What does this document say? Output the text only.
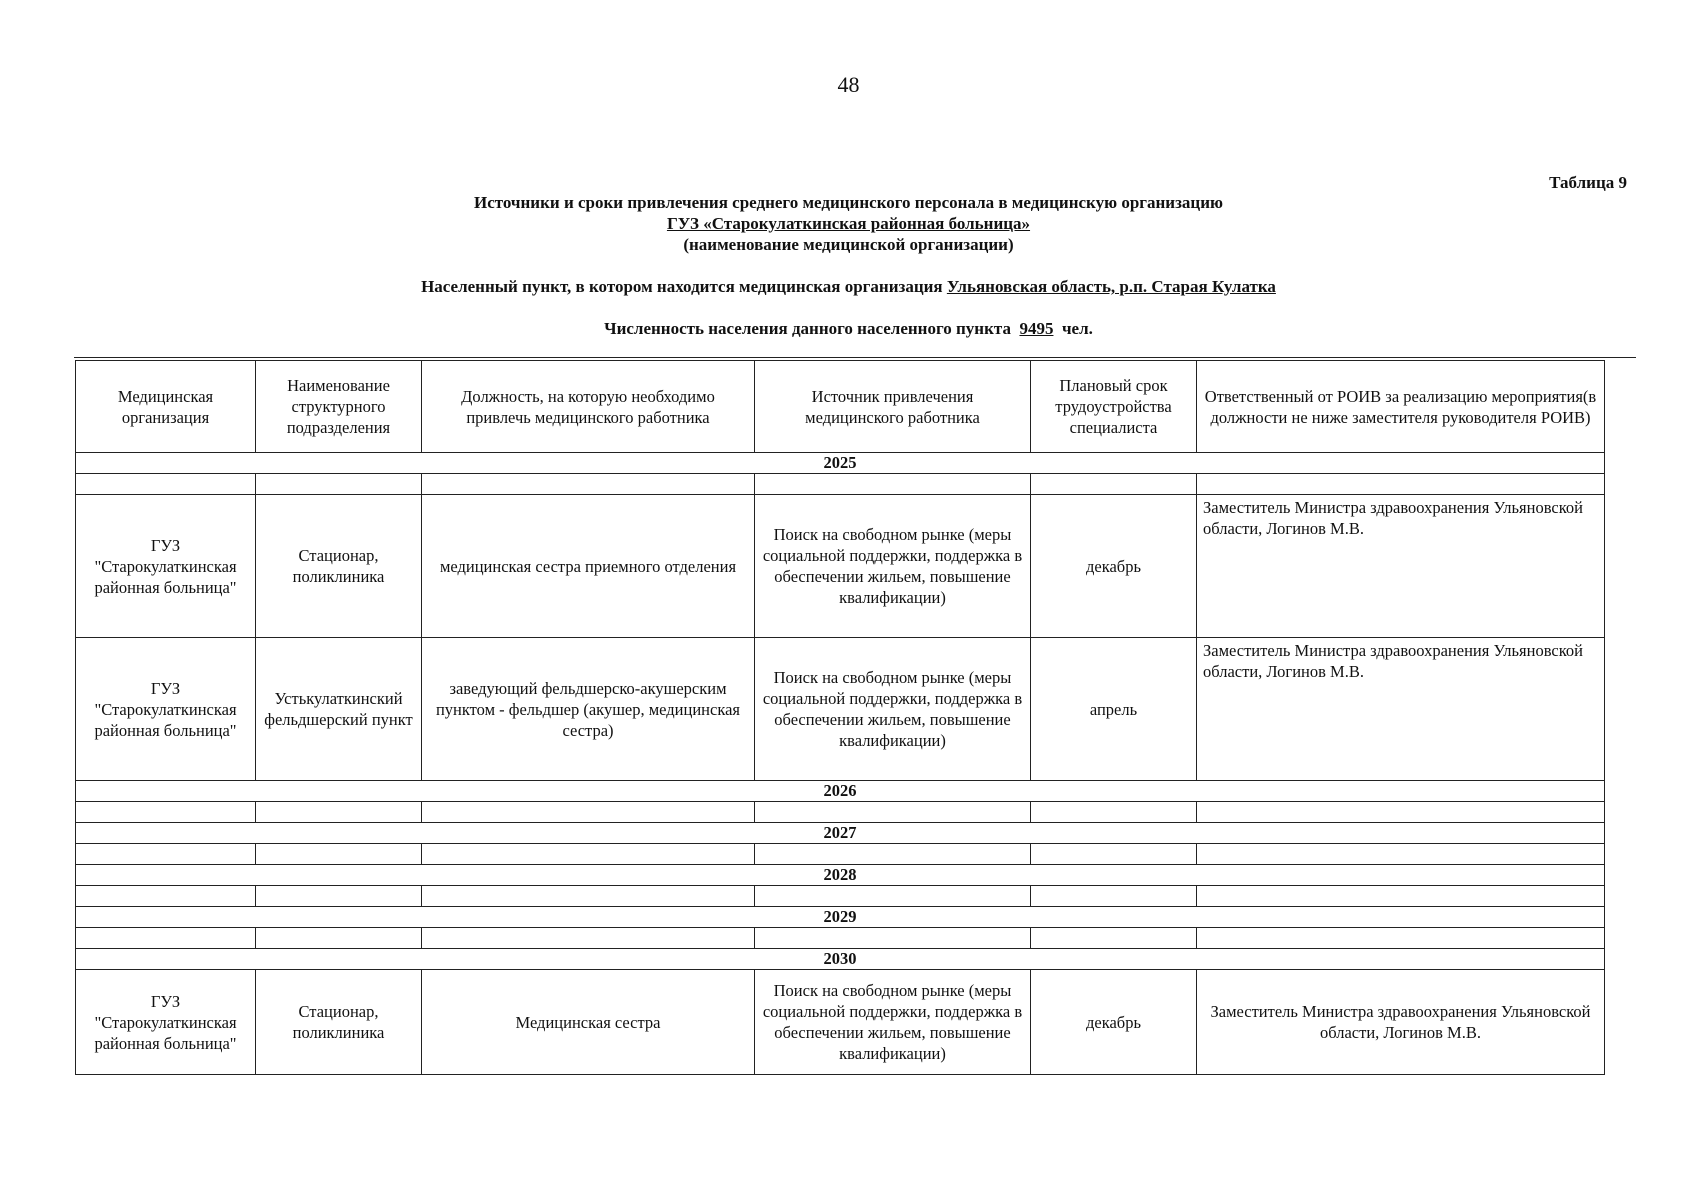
48
Таблица 9

Источники и сроки привлечения среднего медицинского персонала в медицинскую организацию

ГУЗ «Старокулаткинская районная больница»

(наименование медицинской организации)

Населенный пункт, в котором находится медицинская организация Ульяновская область, р.п. Старая Кулатка

Численность населения данного населенного пункта 9495 чел.

Медицинская организация	Наименование структурного подразделения	Должность, на которую необходимо привлечь медицинского работника	Источник привлечения медицинского работника	Плановый срок трудоустройства специалиста	Ответственный от РОИВ за реализацию мероприятия(в должности не ниже заместителя руководителя РОИВ)
2025					

ГУЗ "Старокулаткинская районная больница"	Стационар, поликлиника	медицинская сестра приемного отделения	Поиск на свободном рынке (меры социальной поддержки, поддержка в обеспечении жильем, повышение квалификации)	декабрь	Заместитель Министра здравоохранения Ульяновской области, Логинов М.В.
ГУЗ "Старокулаткинская районная больница"	Устькулаткинский фельдшерский пункт	заведующий фельдшерско-акушерским пунктом - фельдшер (акушер, медицинская сестра)	Поиск на свободном рынке (меры социальной поддержки, поддержка в обеспечении жильем, повышение квалификации)	апрель	Заместитель Министра здравоохранения Ульяновской области, Логинов М.В.
2026					

2027					

2028					

2029					

2030					
ГУЗ "Старокулаткинская районная больница"	Стационар, поликлиника	Медицинская сестра	Поиск на свободном рынке (меры социальной поддержки, поддержка в обеспечении жильем, повышение квалификации)	декабрь	Заместитель Министра здравоохранения Ульяновской области, Логинов М.В.
